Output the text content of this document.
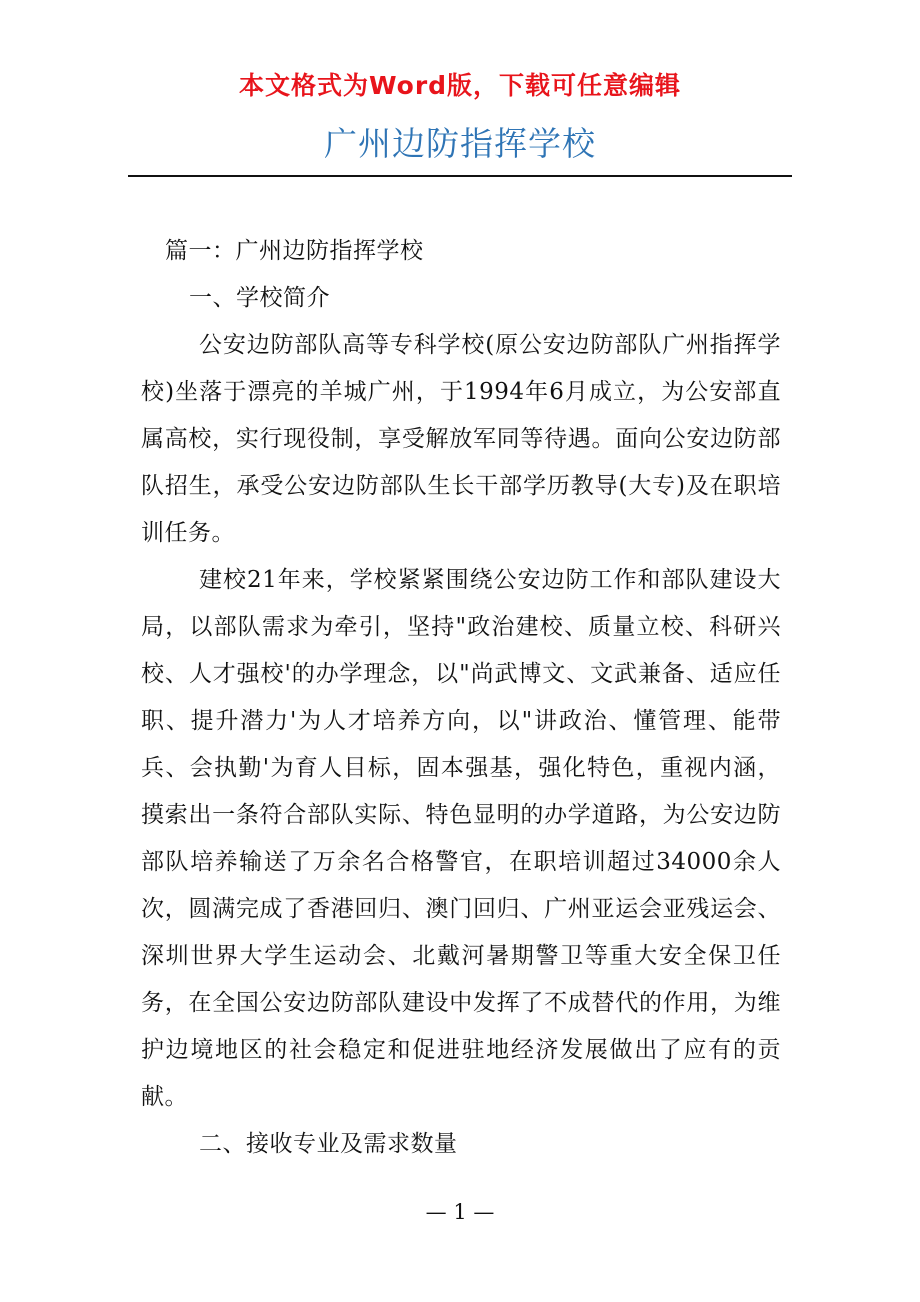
本文格式为Word版，下载可任意编辑
广州边防指挥学校

篇一：广州边防指挥学校

一、学校简介

公安边防部队高等专科学校(原公安边防部队广州指挥学校)坐落于漂亮的羊城广州，于1994年6月成立，为公安部直属高校，实行现役制，享受解放军同等待遇。面向公安边防部队招生，承受公安边防部队生长干部学历教导(大专)及在职培训任务。

建校21年来，学校紧紧围绕公安边防工作和部队建设大局，以部队需求为牵引，坚持"政治建校、质量立校、科研兴校、人才强校'的办学理念，以"尚武博文、文武兼备、适应任职、提升潜力'为人才培养方向，以"讲政治、懂管理、能带兵、会执勤'为育人目标，固本强基，强化特色，重视内涵，摸索出一条符合部队实际、特色显明的办学道路，为公安边防部队培养输送了万余名合格警官，在职培训超过34000余人次，圆满完成了香港回归、澳门回归、广州亚运会亚残运会、深圳世界大学生运动会、北戴河暑期警卫等重大安全保卫任务，在全国公安边防部队建设中发挥了不成替代的作用，为维护边境地区的社会稳定和促进驻地经济发展做出了应有的贡献。

二、接收专业及需求数量

— 1 —
